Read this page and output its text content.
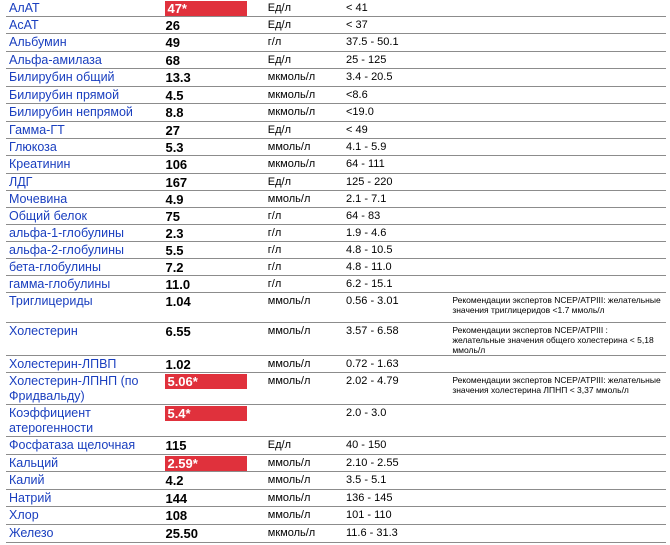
АлАТ	47*	Ед/л	< 41	
АсАТ	26	Ед/л	< 37	
Альбумин	49	г/л	37.5 - 50.1	
Альфа-амилаза	68	Ед/л	25 - 125	
Билирубин общий	13.3	мкмоль/л	3.4 - 20.5	
Билирубин прямой	4.5	мкмоль/л	<8.6	
Билирубин непрямой	8.8	мкмоль/л	<19.0	
Гамма-ГТ	27	Ед/л	< 49	
Глюкоза	5.3	ммоль/л	4.1 - 5.9	
Креатинин	106	мкмоль/л	64 - 111	
ЛДГ	167	Ед/л	125 - 220	
Мочевина	4.9	ммоль/л	2.1 - 7.1	
Общий белок	75	г/л	64 - 83	
альфа-1-глобулины	2.3	г/л	1.9 - 4.6	
альфа-2-глобулины	5.5	г/л	4.8 - 10.5	
бета-глобулины	7.2	г/л	4.8 - 11.0	
гамма-глобулины	11.0	г/л	6.2 - 15.1	
Триглицериды	1.04	ммоль/л	0.56 - 3.01	Рекомендации экспертов NCEP/ATPIII: желательные значения триглицеридов <1.7 ммоль/л
Холестерин	6.55	ммоль/л	3.57 - 6.58	Рекомендации экспертов NCEP/ATPIII : желательные значения общего холестерина < 5,18 ммоль/л
Холестерин-ЛПВП	1.02	ммоль/л	0.72 - 1.63	
Холестерин-ЛПНП (по Фридвальду)	5.06*	ммоль/л	2.02 - 4.79	Рекомендации экспертов NCEP/ATPIII: желательные значения холестерина ЛПНП < 3,37 ммоль/л
Коэффициент атерогенности	5.4*		2.0 - 3.0	
Фосфатаза щелочная	115	Ед/л	40 - 150	
Кальций	2.59*	ммоль/л	2.10 - 2.55	
Калий	4.2	ммоль/л	3.5 - 5.1	
Натрий	144	ммоль/л	136 - 145	
Хлор	108	ммоль/л	101 - 110	
Железо	25.50	мкмоль/л	11.6 - 31.3	
